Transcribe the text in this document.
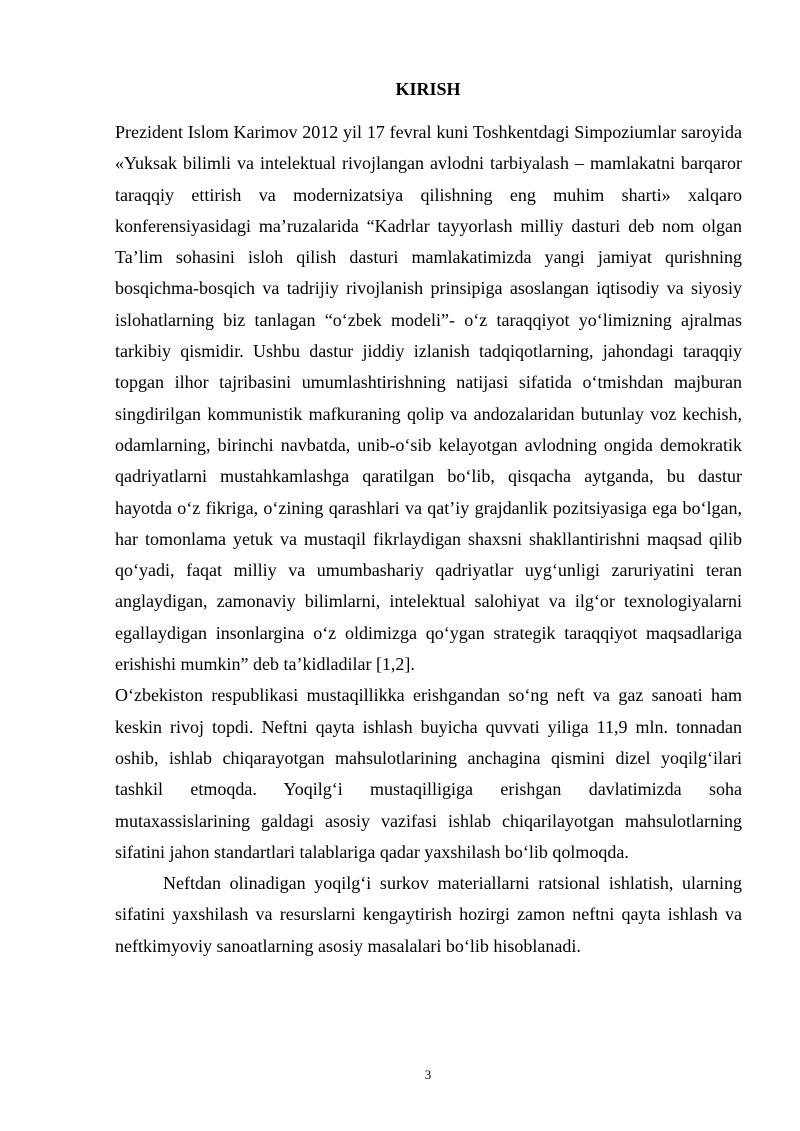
KIRISH

Prezident Islom Karimov 2012 yil 17 fevral kuni Toshkentdagi Simpoziumlar saroyida «Yuksak bilimli va intelektual rivojlangan avlodni tarbiyalash – mamlakatni barqaror taraqqiy ettirish va modernizatsiya qilishning eng muhim sharti» xalqaro konferensiyasidagi ma’ruzalarida “Kadrlar tayyorlash milliy dasturi deb nom olgan Ta’lim sohasini isloh qilish dasturi mamlakatimizda yangi jamiyat qurishning bosqichma-bosqich va tadrijiy rivojlanish prinsipiga asoslangan iqtisodiy va siyosiy islohatlarning biz tanlagan “o‘zbek modeli”- o‘z taraqqiyot yo‘limizning ajralmas tarkibiy qismidir. Ushbu dastur jiddiy izlanish tadqiqotlarning, jahondagi taraqqiy topgan ilhor tajribasini umumlashtirishning natijasi sifatida o‘tmishdan majburan singdirilgan kommunistik mafkuraning qolip va andozalaridan butunlay voz kechish, odamlarning, birinchi navbatda, unib-o‘sib kelayotgan avlodning ongida demokratik qadriyatlarni mustahkamlashga qaratilgan bo‘lib, qisqacha aytganda, bu dastur hayotda o‘z fikriga, o‘zining qarashlari va qat’iy grajdanlik pozitsiyasiga ega bo‘lgan, har tomonlama yetuk va mustaqil fikrlaydigan shaxsni shakllantirishni maqsad qilib qo‘yadi, faqat milliy va umumbashariy qadriyatlar uyg‘unligi zaruriyatini teran anglaydigan, zamonaviy bilimlarni, intelektual salohiyat va ilg‘or texnologiyalarni egallaydigan insonlargina o‘z oldimizga qo‘ygan strategik taraqqiyot maqsadlariga erishishi mumkin” deb ta’kidladilar [1,2].

O‘zbekiston respublikasi mustaqillikka erishgandan so‘ng neft va gaz sanoati ham keskin rivoj topdi. Neftni qayta ishlash buyicha quvvati yiliga 11,9 mln. tonnadan oshib, ishlab chiqarayotgan mahsulotlarining anchagina qismini dizel yoqilg‘ilari tashkil etmoqda. Yoqilg‘i mustaqilligiga erishgan davlatimizda soha mutaxassislarining galdagi asosiy vazifasi ishlab chiqarilayotgan mahsulotlarning sifatini jahon standartlari talablariga qadar yaxshilash bo‘lib qolmoqda.

Neftdan olinadigan yoqilg‘i surkov materiallarni ratsional ishlatish, ularning sifatini yaxshilash va resurslarni kengaytirish hozirgi zamon neftni qayta ishlash va neftkimyoviy sanoatlarning asosiy masalalari bo‘lib hisoblanadi.

3
